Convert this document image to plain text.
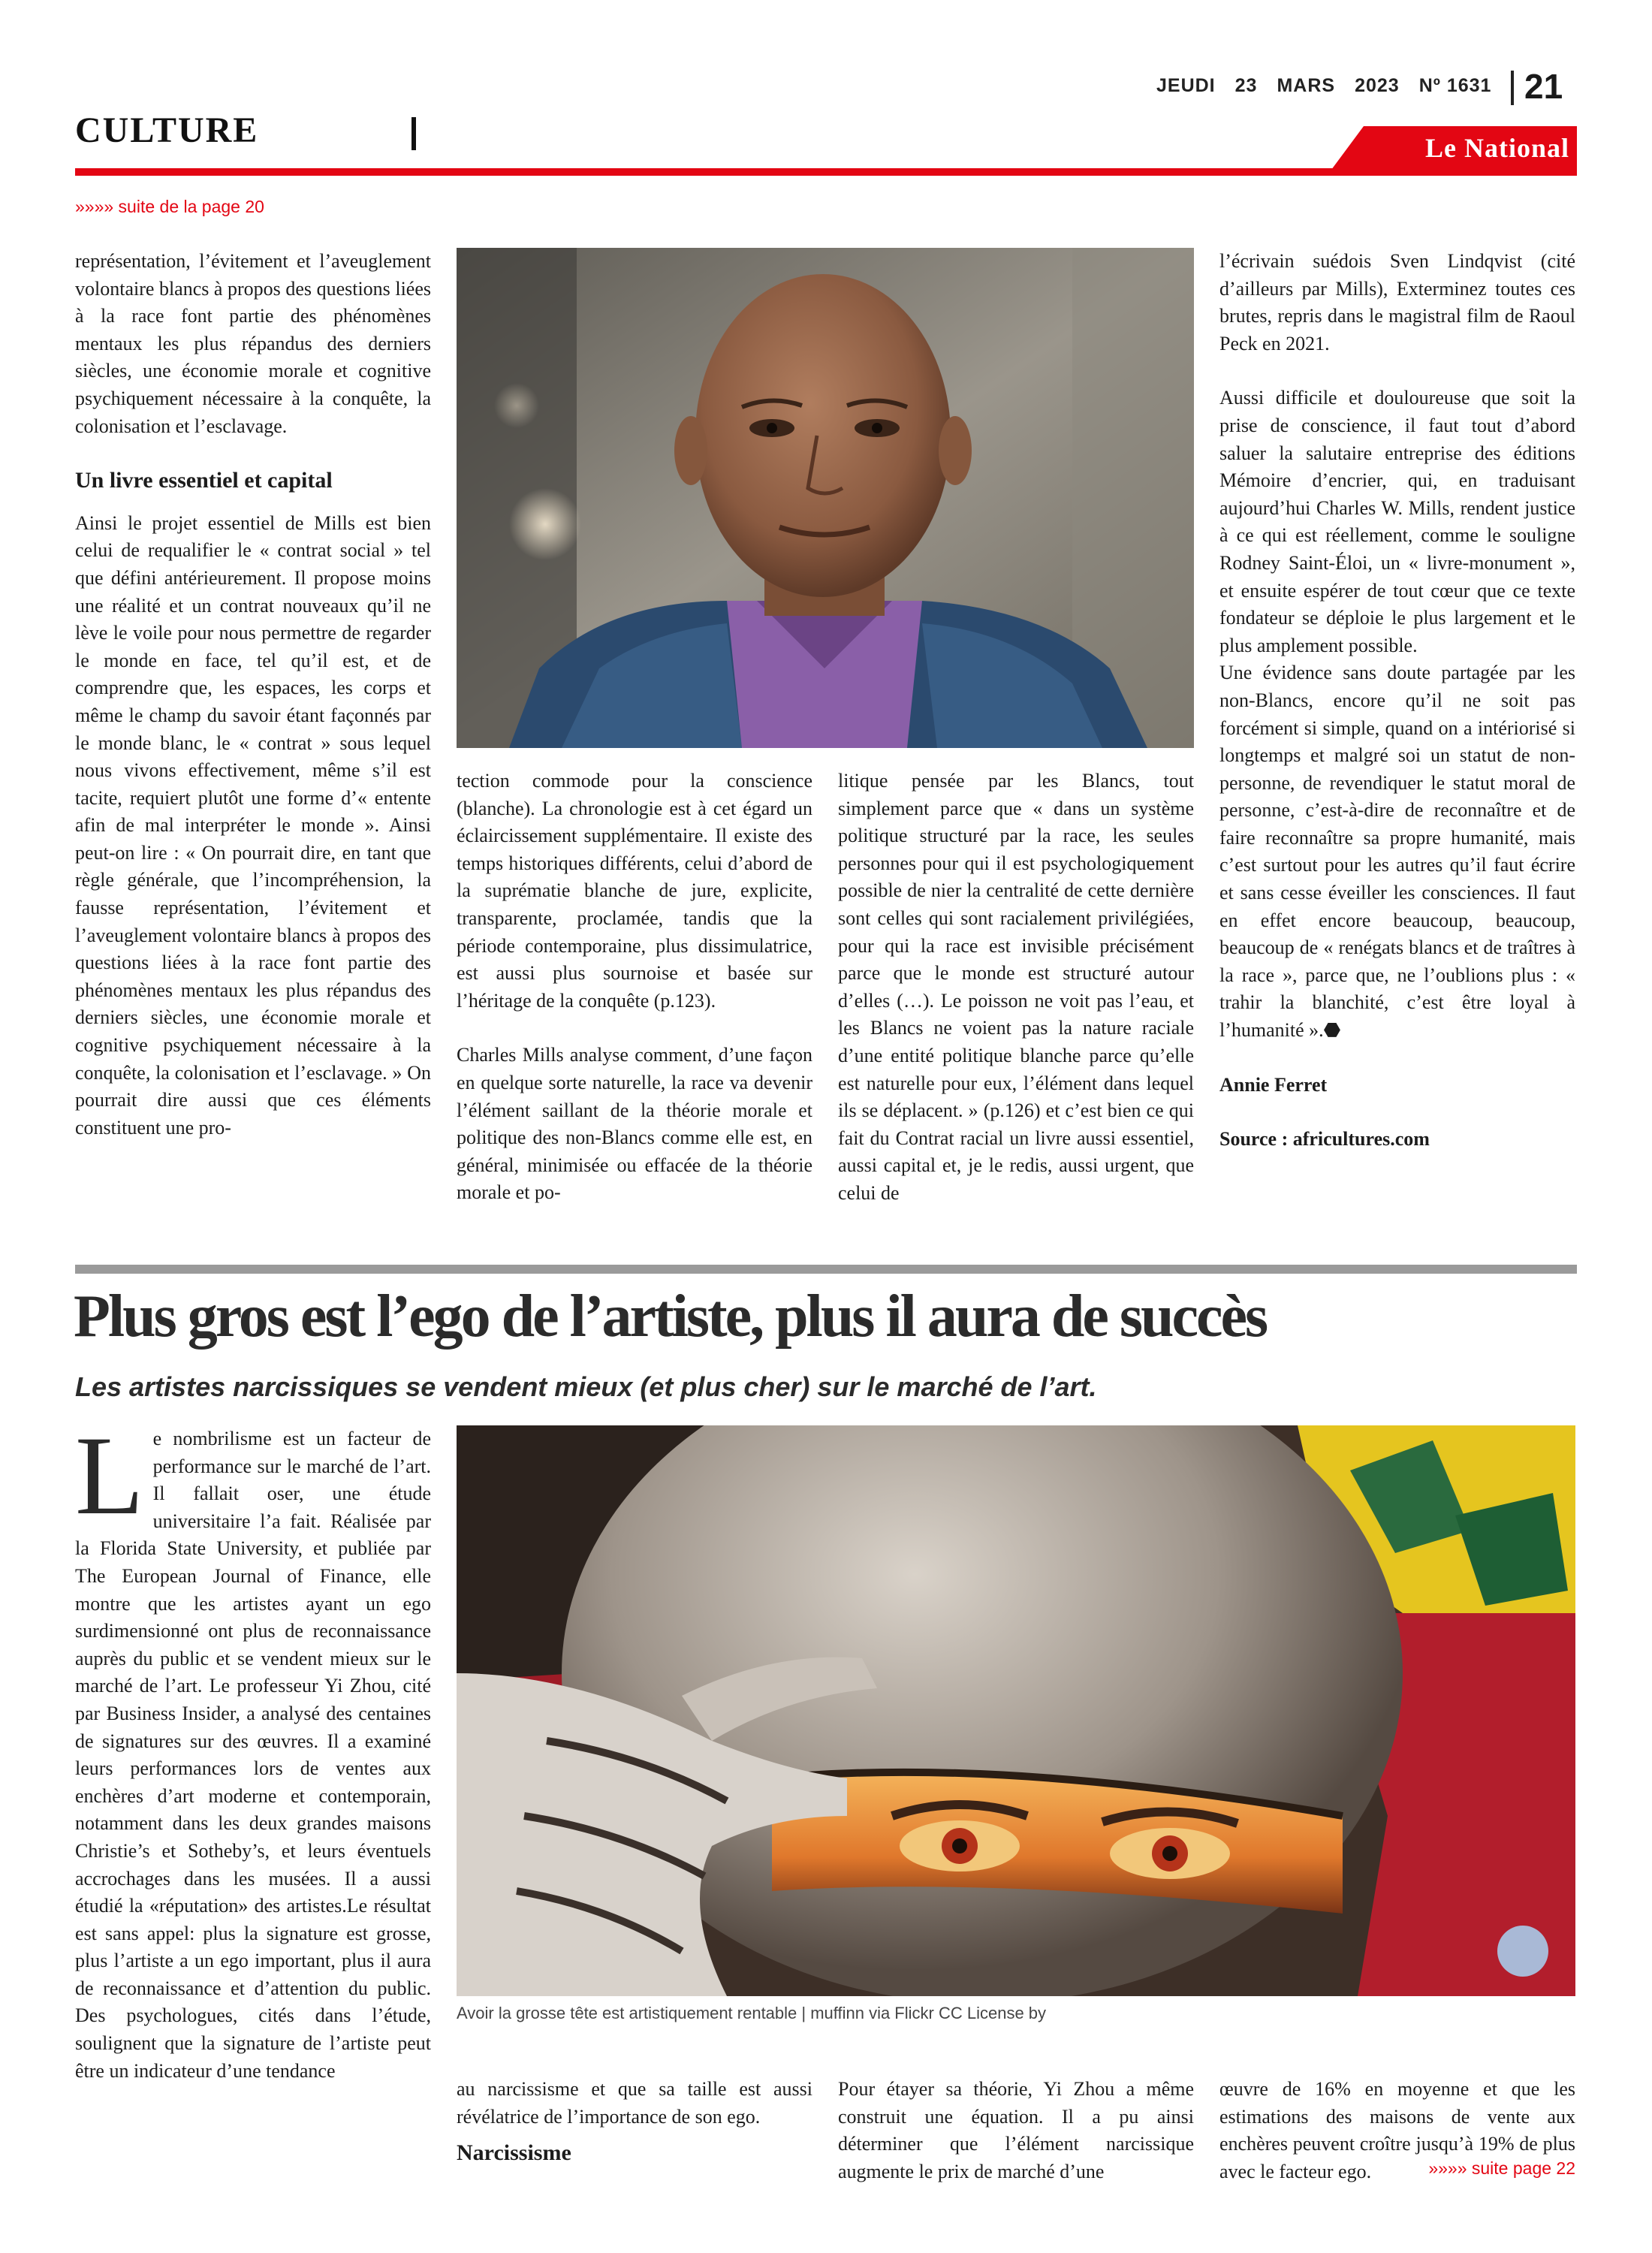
JEUDI 23 MARS 2023 Nº 1631 21
CULTURE	Le National
»»»» suite de la page 20

représentation, l’évitement et l’aveuglement volontaire blancs à propos des questions liées à la race font partie des phénomènes mentaux les plus répandus des derniers siècles, une économie morale et cognitive psychiquement nécessaire à la conquête, la colonisation et l’esclavage.

Un livre essentiel et capital

Ainsi le projet essentiel de Mills est bien celui de requalifier le « contrat social » tel que défini antérieurement. Il propose moins une réalité et un contrat nouveaux qu’il ne lève le voile pour nous permettre de regarder le monde en face, tel qu’il est, et de comprendre que, les espaces, les corps et même le champ du savoir étant façonnés par le monde blanc, le « contrat » sous lequel nous vivons effectivement, même s’il est tacite, requiert plutôt une forme d’« entente afin de mal interpréter le monde ». Ainsi peut-on lire : « On pourrait dire, en tant que règle générale, que l’incompréhension, la fausse représentation, l’évitement et l’aveuglement volontaire blancs à propos des questions liées à la race font partie des phénomènes mentaux les plus répandus des derniers siècles, une économie morale et cognitive psychiquement nécessaire à la conquête, la colonisation et l’esclavage. » On pourrait dire aussi que ces éléments constituent une pro-

tection commode pour la conscience (blanche). La chronologie est à cet égard un éclaircissement supplémentaire. Il existe des temps historiques différents, celui d’abord de la suprématie blanche de jure, explicite, transparente, proclamée, tandis que la période contemporaine, plus dissimulatrice, est aussi plus sournoise et basée sur l’héritage de la conquête (p.123).

Charles Mills analyse comment, d’une façon en quelque sorte naturelle, la race va devenir l’élément saillant de la théorie morale et politique des non-Blancs comme elle est, en général, minimisée ou effacée de la théorie morale et po-

litique pensée par les Blancs, tout simplement parce que « dans un système politique structuré par la race, les seules personnes pour qui il est psychologiquement possible de nier la centralité de cette dernière sont celles qui sont racialement privilégiées, pour qui la race est invisible précisément parce que le monde est structuré autour d’elles (…). Le poisson ne voit pas l’eau, et les Blancs ne voient pas la nature raciale d’une entité politique blanche parce qu’elle est naturelle pour eux, l’élément dans lequel ils se déplacent. » (p.126) et c’est bien ce qui fait du Contrat racial un livre aussi essentiel, aussi capital et, je le redis, aussi urgent, que celui de

l’écrivain suédois Sven Lindqvist (cité d’ailleurs par Mills), Exterminez toutes ces brutes, repris dans le magistral film de Raoul Peck en 2021.

Aussi difficile et douloureuse que soit la prise de conscience, il faut tout d’abord saluer la salutaire entreprise des éditions Mémoire d’encrier, qui, en traduisant aujourd’hui Charles W. Mills, rendent justice à ce qui est réellement, comme le souligne Rodney Saint-Éloi, un « livre-monument », et ensuite espérer de tout cœur que ce texte fondateur se déploie le plus largement et le plus amplement possible.

Une évidence sans doute partagée par les non-Blancs, encore qu’il ne soit pas forcément si simple, quand on a intériorisé si longtemps et malgré soi un statut de non-personne, de revendiquer le statut moral de personne, c’est-à-dire de reconnaître et de faire reconnaître sa propre humanité, mais c’est surtout pour les autres qu’il faut écrire et sans cesse éveiller les consciences. Il faut en effet encore beaucoup, beaucoup, beaucoup de « renégats blancs et de traîtres à la race », parce que, ne l’oublions plus : « trahir la blanchité, c’est être loyal à l’humanité ».⬣

Annie Ferret

Source : africultures.com

Plus gros est l’ego de l’artiste, plus il aura de succès
Les artistes narcissiques se vendent mieux (et plus cher) sur le marché de l’art.

Le nombrilisme est un facteur de performance sur le marché de l’art. Il fallait oser, une étude universitaire l’a fait. Réalisée par la Florida State University, et publiée par The European Journal of Finance, elle montre que les artistes ayant un ego surdimensionné ont plus de reconnaissance auprès du public et se vendent mieux sur le marché de l’art. Le professeur Yi Zhou, cité par Business Insider, a analysé des centaines de signatures sur des œuvres. Il a examiné leurs performances lors de ventes aux enchères d’art moderne et contemporain, notamment dans les deux grandes maisons Christie’s et Sotheby’s, et leurs éventuels accrochages dans les musées. Il a aussi étudié la «réputation» des artistes.Le résultat est sans appel: plus la signature est grosse, plus l’artiste a un ego important, plus il aura de reconnaissance et d’attention du public. Des psychologues, cités dans l’étude, soulignent que la signature de l’artiste peut être un indicateur d’une tendance

Avoir la grosse tête est artistiquement rentable | muffinn via Flickr CC License by

au narcissisme et que sa taille est aussi révélatrice de l’importance de son ego.

Narcissisme

Pour étayer sa théorie, Yi Zhou a même construit une équation. Il a pu ainsi déterminer que l’élément narcissique augmente le prix de marché d’une

œuvre de 16% en moyenne et que les estimations des maisons de vente aux enchères peuvent croître jusqu’à 19% de plus avec le facteur ego.	»»»» suite page 22
